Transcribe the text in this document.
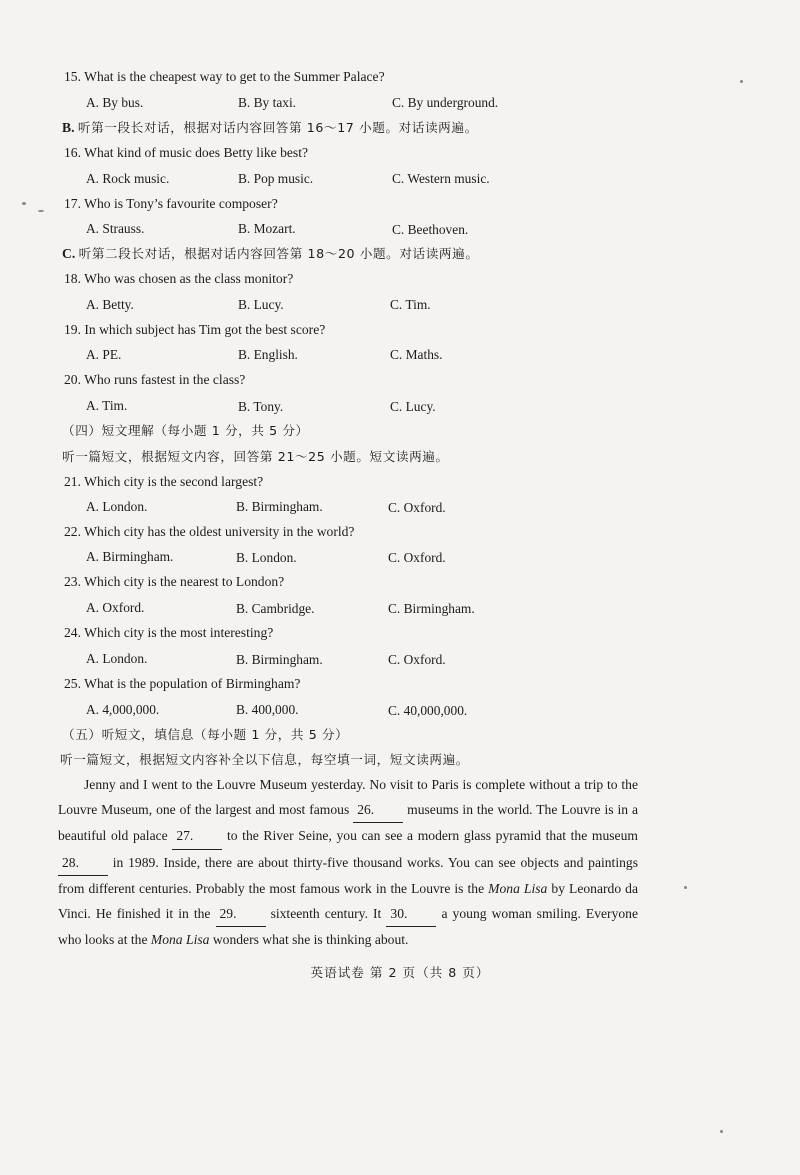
15. What is the cheapest way to get to the Summer Palace?
A. By bus.	B. By taxi.	C. By underground.
B. 听第一段长对话，根据对话内容回答第 16～17 小题。对话读两遍。
16. What kind of music does Betty like best?
A. Rock music.	B. Pop music.	C. Western music.
17. Who is Tony’s favourite composer?
A. Strauss.	B. Mozart.	C. Beethoven.
C. 听第二段长对话，根据对话内容回答第 18～20 小题。对话读两遍。
18. Who was chosen as the class monitor?
A. Betty.	B. Lucy.	C. Tim.
19. In which subject has Tim got the best score?
A. PE.	B. English.	C. Maths.
20. Who runs fastest in the class?
A. Tim.	B. Tony.	C. Lucy.
（四）短文理解（每小题 1 分，共 5 分）
听一篇短文，根据短文内容，回答第 21～25 小题。短文读两遍。
21. Which city is the second largest?
A. London.	B. Birmingham.	C. Oxford.
22. Which city has the oldest university in the world?
A. Birmingham.	B. London.	C. Oxford.
23. Which city is the nearest to London?
A. Oxford.	B. Cambridge.	C. Birmingham.
24. Which city is the most interesting?
A. London.	B. Birmingham.	C. Oxford.
25. What is the population of Birmingham?
A. 4,000,000.	B. 400,000.	C. 40,000,000.
（五）听短文，填信息（每小题 1 分，共 5 分）
听一篇短文，根据短文内容补全以下信息，每空填一词，短文读两遍。

Jenny and I went to the Louvre Museum yesterday. No visit to Paris is complete without a trip to the Louvre Museum, one of the largest and most famous 26. museums in the world. The Louvre is in a beautiful old palace 27. to the River Seine, you can see a modern glass pyramid that the museum 28. in 1989. Inside, there are about thirty-five thousand works. You can see objects and paintings from different centuries. Probably the most famous work in the Louvre is the Mona Lisa by Leonardo da Vinci. He finished it in the 29.	sixteenth century. It 30.	a young woman smiling. Everyone who looks at the Mona Lisa wonders what she is thinking about.

英语试卷 第 2 页（共 8 页）
